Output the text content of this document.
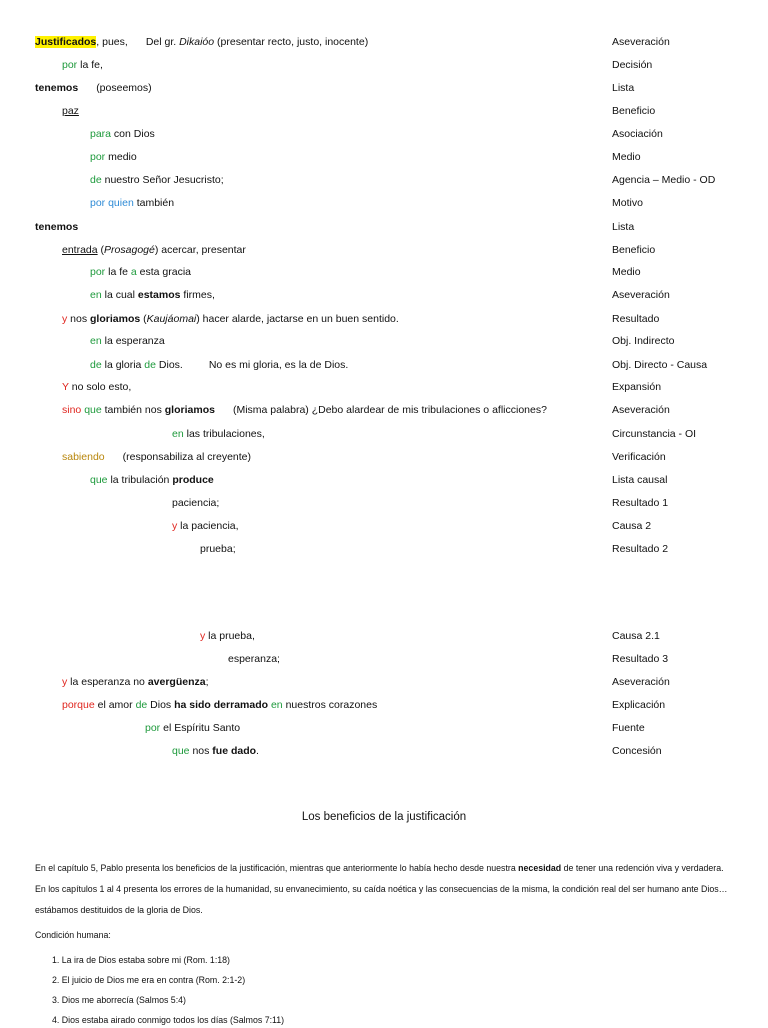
Justificados, pues, Del gr. Dikaióo (presentar recto, justo, inocente)	Aseveración
por la fe,	Decisión
tenemos (poseemos)	Lista
paz	Beneficio
para con Dios	Asociación
por medio	Medio
de nuestro Señor Jesucristo;	Agencia – Medio - OD
por quien también	Motivo
tenemos	Lista
entrada (Prosagogé) acercar, presentar	Beneficio
por la fe a esta gracia	Medio
en la cual estamos firmes,	Aseveración
y nos gloriamos (Kaujáomai) hacer alarde, jactarse en un buen sentido.	Resultado
en la esperanza	Obj. Indirecto
de la gloria de Dios. No es mi gloria, es la de Dios.	Obj. Directo - Causa
Y no solo esto,	Expansión
sino que también nos gloriamos (Misma palabra) ¿Debo alardear de mis tribulaciones o aflicciones?	Aseveración
en las tribulaciones,	Circunstancia - OI
sabiendo (responsabiliza al creyente)	Verificación
que la tribulación produce	Lista causal
paciencia;	Resultado 1
y la paciencia,	Causa 2
prueba;	Resultado 2
y la prueba,	Causa 2.1
esperanza;	Resultado 3
y la esperanza no avergüenza;	Aseveración
porque el amor de Dios ha sido derramado en nuestros corazones	Explicación
por el Espíritu Santo	Fuente
que nos fue dado.	Concesión
Los beneficios de la justificación

En el capítulo 5, Pablo presenta los beneficios de la justificación, mientras que anteriormente lo había hecho desde nuestra necesidad de tener una redención viva y verdadera. En los capítulos 1 al 4 presenta los errores de la humanidad, su envanecimiento, su caída noética y las consecuencias de la misma, la condición real del ser humano ante Dios… estábamos destituidos de la gloria de Dios.

Condición humana:
1. La ira de Dios estaba sobre mi (Rom. 1:18)
2. El juicio de Dios me era en contra (Rom. 2:1-2)
3. Dios me aborrecía (Salmos 5:4)
4. Dios estaba airado conmigo todos los días (Salmos 7:11)
